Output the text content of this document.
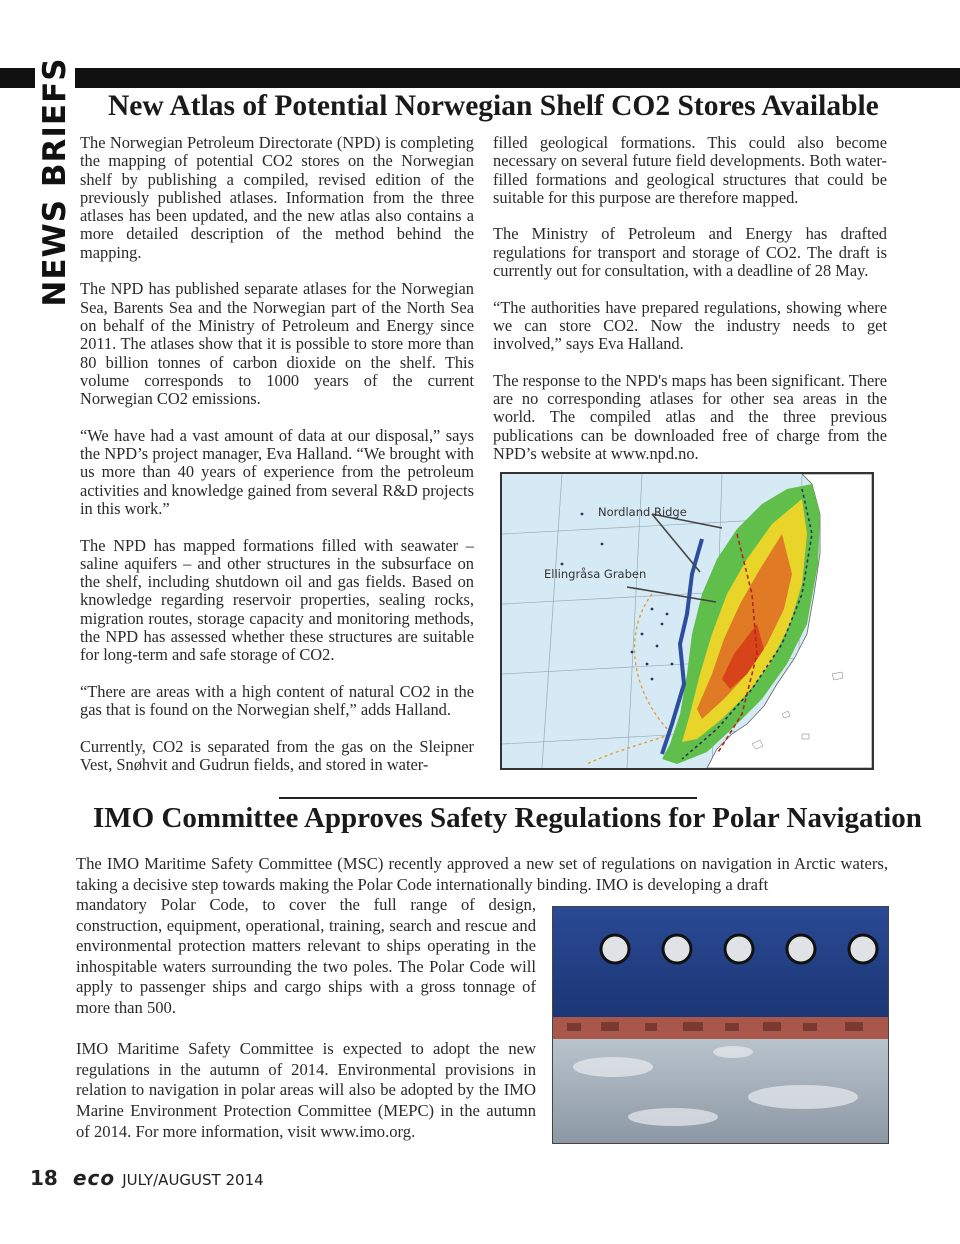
NEWS BRIEFS New Atlas of Potential Norwegian Shelf CO2 Stores Available

The Norwegian Petroleum Directorate (NPD) is completing the mapping of potential CO2 stores on the Norwegian shelf by publishing a compiled, revised edition of the previously published atlases. Information from the three atlases has been updated, and the new atlas also contains a more detailed description of the method behind the mapping.

The NPD has published separate atlases for the Norwegian Sea, Barents Sea and the Norwegian part of the North Sea on behalf of the Ministry of Petroleum and Energy since 2011. The atlases show that it is possible to store more than 80 billion tonnes of carbon dioxide on the shelf. This volume corresponds to 1000 years of the current Norwegian CO2 emissions.

“We have had a vast amount of data at our disposal,” says the NPD’s project manager, Eva Halland. “We brought with us more than 40 years of experience from the petroleum activities and knowledge gained from several R&D projects in this work.”

The NPD has mapped formations filled with seawater – saline aquifers – and other structures in the subsurface on the shelf, including shutdown oil and gas fields. Based on knowledge regarding reservoir properties, sealing rocks, migration routes, storage capacity and monitoring methods, the NPD has assessed whether these structures are suitable for long-term and safe storage of CO2.

“There are areas with a high content of natural CO2 in the gas that is found on the Norwegian shelf,” adds Halland.

Currently, CO2 is separated from the gas on the Sleipner Vest, Snøhvit and Gudrun fields, and stored in water-

filled geological formations. This could also become necessary on several future field developments. Both water-filled formations and geological structures that could be suitable for this purpose are therefore mapped.

The Ministry of Petroleum and Energy has drafted regulations for transport and storage of CO2. The draft is currently out for consultation, with a deadline of 28 May.

“The authorities have prepared regulations, showing where we can store CO2. Now the industry needs to get involved,” says Eva Halland.

The response to the NPD's maps has been significant. There are no corresponding atlases for other sea areas in the world. The compiled atlas and the three previous publications can be downloaded free of charge from the NPD’s website at www.npd.no.

Nordland Ridge
Ellingråsa Graben
IMO Committee Approves Safety Regulations for Polar Navigation

The IMO Maritime Safety Committee (MSC) recently approved a new set of regulations on navigation in Arctic waters, taking a decisive step towards making the Polar Code internationally binding. IMO is developing a draft

mandatory Polar Code, to cover the full range of design, construction, equipment, operational, training, search and rescue and environmental protection matters relevant to ships operating in the inhospitable waters surrounding the two poles. The Polar Code will apply to passenger ships and cargo ships with a gross tonnage of more than 500.

IMO Maritime Safety Committee is expected to adopt the new regulations in the autumn of 2014. Environmental provisions in relation to navigation in polar areas will also be adopted by the IMO Marine Environment Protection Committee (MEPC) in the autumn of 2014. For more information, visit www.imo.org.

18 eco JULY/AUGUST 2014
